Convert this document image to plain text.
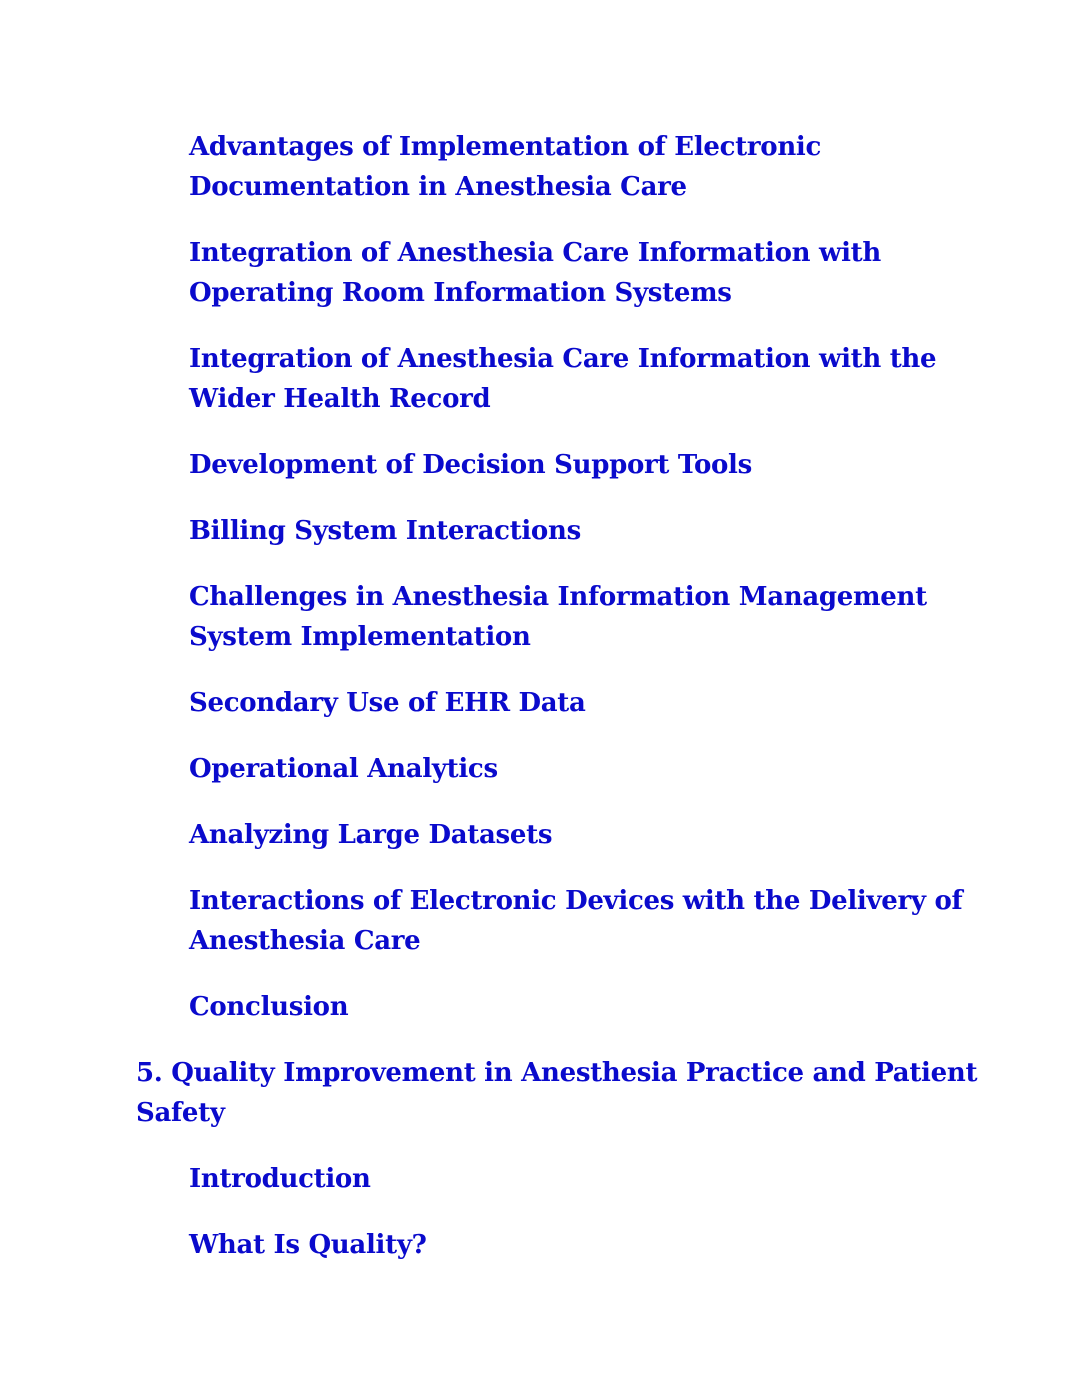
Advantages of Implementation of Electronic
Documentation in Anesthesia Care
Integration of Anesthesia Care Information with
Operating Room Information Systems
Integration of Anesthesia Care Information with the
Wider Health Record
Development of Decision Support Tools
Billing System Interactions
Challenges in Anesthesia Information Management
System Implementation
Secondary Use of EHR Data
Operational Analytics
Analyzing Large Datasets
Interactions of Electronic Devices with the Delivery of
Anesthesia Care
Conclusion
5. Quality Improvement in Anesthesia Practice and Patient
Safety
Introduction
What Is Quality?
